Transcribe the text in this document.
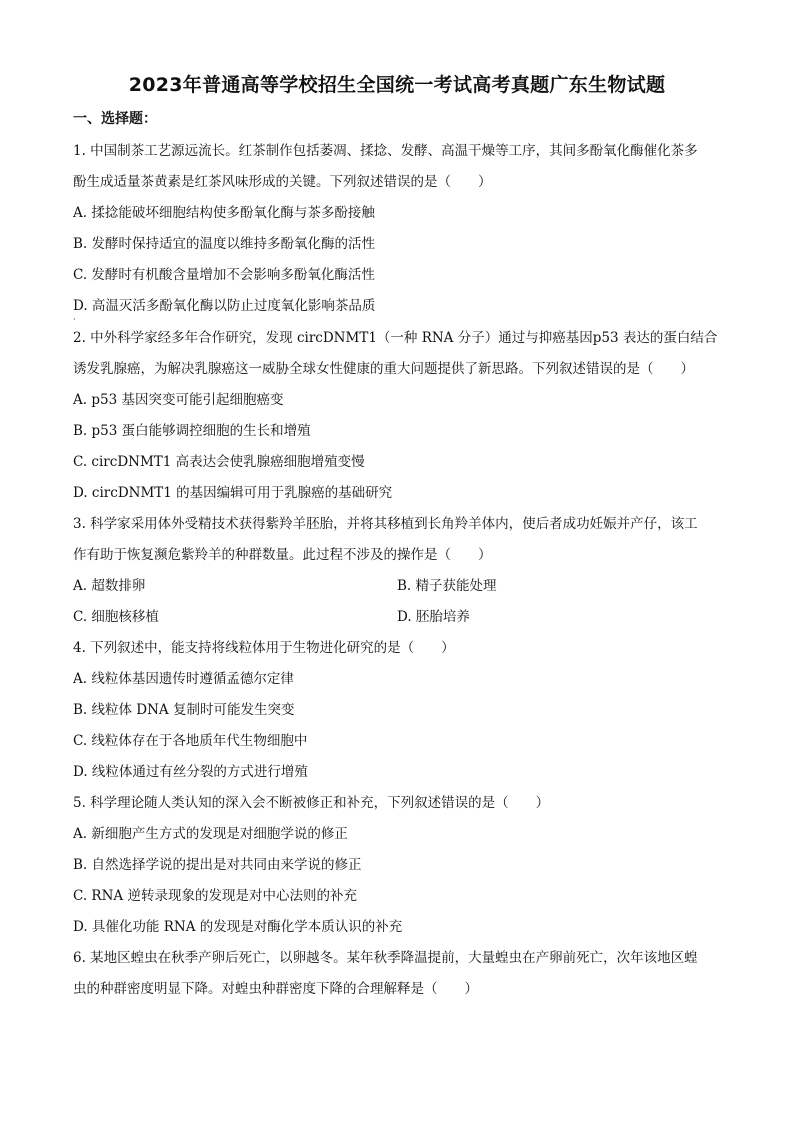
2023年普通高等学校招生全国统一考试高考真题广东生物试题
一、选择题：
1. 中国制茶工艺源远流长。红茶制作包括萎凋、揉捻、发酵、高温干燥等工序，其间多酚氧化酶催化茶多
酚生成适量茶黄素是红茶风味形成的关键。下列叙述错误的是（　　）
A. 揉捻能破坏细胞结构使多酚氧化酶与茶多酚接触
B. 发酵时保持适宜的温度以维持多酚氧化酶的活性
C. 发酵时有机酸含量增加不会影响多酚氧化酶活性
D. 高温灭活多酚氧化酶以防止过度氧化影响茶品质
·
2. 中外科学家经多年合作研究，发现 circDNMT1（一种 RNA 分子）通过与抑癌基因p53 表达的蛋白结合
诱发乳腺癌，为解决乳腺癌这一威胁全球女性健康的重大问题提供了新思路。下列叙述错误的是（　　）
A. p53 基因突变可能引起细胞癌变
B. p53 蛋白能够调控细胞的生长和增殖
C. circDNMT1 高表达会使乳腺癌细胞增殖变慢
D. circDNMT1 的基因编辑可用于乳腺癌的基础研究
3. 科学家采用体外受精技术获得紫羚羊胚胎，并将其移植到长角羚羊体内，使后者成功妊娠并产仔，该工
作有助于恢复濒危紫羚羊的种群数量。此过程不涉及的操作是（　　）
A. 超数排卵	B. 精子获能处理
C. 细胞核移植	D. 胚胎培养
4. 下列叙述中，能支持将线粒体用于生物进化研究的是（　　）
A. 线粒体基因遗传时遵循孟德尔定律
B. 线粒体 DNA 复制时可能发生突变
C. 线粒体存在于各地质年代生物细胞中
D. 线粒体通过有丝分裂的方式进行增殖
5. 科学理论随人类认知的深入会不断被修正和补充，下列叙述错误的是（　　）
A. 新细胞产生方式的发现是对细胞学说的修正
B. 自然选择学说的提出是对共同由来学说的修正
C. RNA 逆转录现象的发现是对中心法则的补充
D. 具催化功能 RNA 的发现是对酶化学本质认识的补充
6. 某地区蝗虫在秋季产卵后死亡，以卵越冬。某年秋季降温提前，大量蝗虫在产卵前死亡，次年该地区蝗
虫的种群密度明显下降。对蝗虫种群密度下降的合理解释是（　　）
